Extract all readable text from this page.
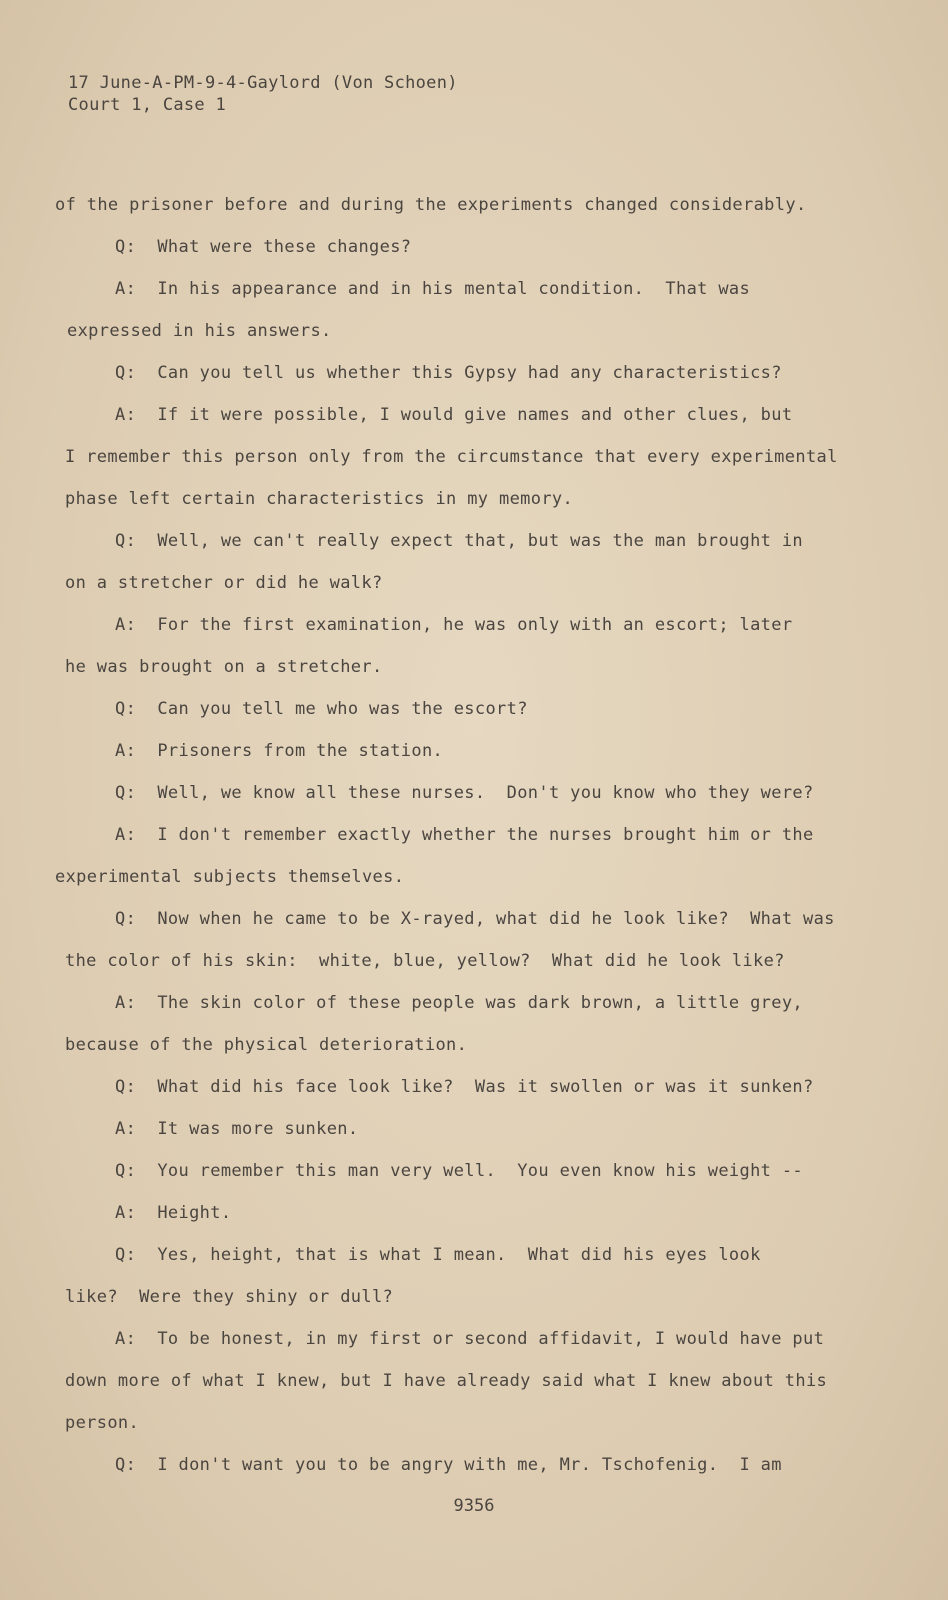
17 June-A-PM-9-4-Gaylord (Von Schoen)
Court 1, Case 1
of the prisoner before and during the experiments changed considerably.
Q:  What were these changes?
A:  In his appearance and in his mental condition.  That was
expressed in his answers.
Q:  Can you tell us whether this Gypsy had any characteristics?
A:  If it were possible, I would give names and other clues, but
I remember this person only from the circumstance that every experimental
phase left certain characteristics in my memory.
Q:  Well, we can't really expect that, but was the man brought in
on a stretcher or did he walk?
A:  For the first examination, he was only with an escort; later
he was brought on a stretcher.
Q:  Can you tell me who was the escort?
A:  Prisoners from the station.
Q:  Well, we know all these nurses.  Don't you know who they were?
A:  I don't remember exactly whether the nurses brought him or the
experimental subjects themselves.
Q:  Now when he came to be X-rayed, what did he look like?  What was
the color of his skin:  white, blue, yellow?  What did he look like?
A:  The skin color of these people was dark brown, a little grey,
because of the physical deterioration.
Q:  What did his face look like?  Was it swollen or was it sunken?
A:  It was more sunken.
Q:  You remember this man very well.  You even know his weight --
A:  Height.
Q:  Yes, height, that is what I mean.  What did his eyes look
like?  Were they shiny or dull?
A:  To be honest, in my first or second affidavit, I would have put
down more of what I knew, but I have already said what I knew about this
person.
Q:  I don't want you to be angry with me, Mr. Tschofenig.  I am
9356
